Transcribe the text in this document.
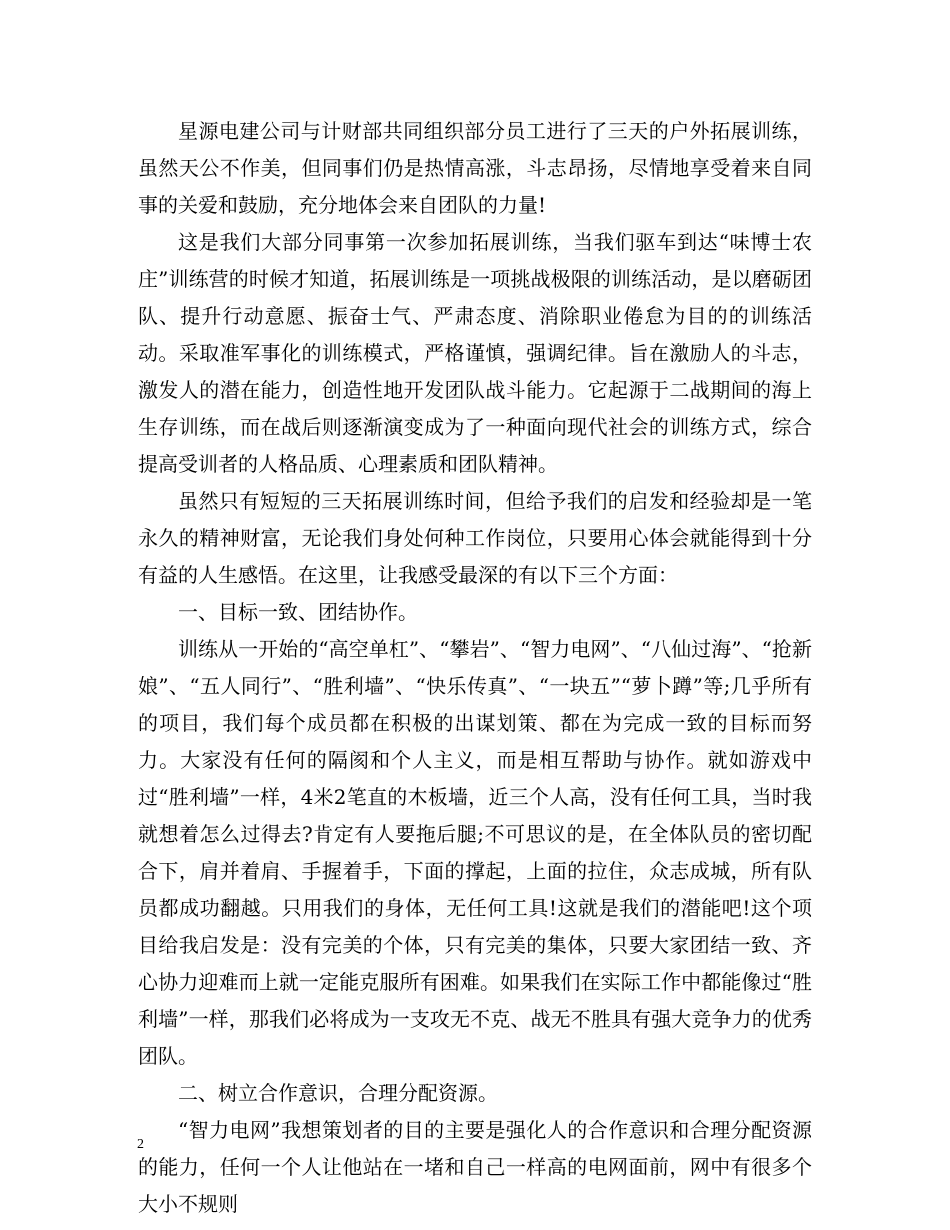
星源电建公司与计财部共同组织部分员工进行了三天的户外拓展训练，虽然天公不作美，但同事们仍是热情高涨，斗志昂扬，尽情地享受着来自同事的关爱和鼓励，充分地体会来自团队的力量!

这是我们大部分同事第一次参加拓展训练，当我们驱车到达“味博士农庄”训练营的时候才知道，拓展训练是一项挑战极限的训练活动，是以磨砺团队、提升行动意愿、振奋士气、严肃态度、消除职业倦怠为目的的训练活动。采取准军事化的训练模式，严格谨慎，强调纪律。旨在激励人的斗志，激发人的潜在能力，创造性地开发团队战斗能力。它起源于二战期间的海上生存训练，而在战后则逐渐演变成为了一种面向现代社会的训练方式，综合提高受训者的人格品质、心理素质和团队精神。

虽然只有短短的三天拓展训练时间，但给予我们的启发和经验却是一笔永久的精神财富，无论我们身处何种工作岗位，只要用心体会就能得到十分有益的人生感悟。在这里，让我感受最深的有以下三个方面：

一、目标一致、团结协作。

训练从一开始的“高空单杠”、“攀岩”、“智力电网”、“八仙过海”、“抢新娘”、“五人同行”、“胜利墙”、“快乐传真”、“一块五”“萝卜蹲”等;几乎所有的项目，我们每个成员都在积极的出谋划策、都在为完成一致的目标而努力。大家没有任何的隔阂和个人主义，而是相互帮助与协作。就如游戏中过“胜利墙”一样，4米2笔直的木板墙，近三个人高，没有任何工具，当时我就想着怎么过得去?肯定有人要拖后腿;不可思议的是，在全体队员的密切配合下，肩并着肩、手握着手，下面的撑起，上面的拉住，众志成城，所有队员都成功翻越。只用我们的身体，无任何工具!这就是我们的潜能吧!这个项目给我启发是：没有完美的个体，只有完美的集体，只要大家团结一致、齐心协力迎难而上就一定能克服所有困难。如果我们在实际工作中都能像过“胜利墙”一样，那我们必将成为一支攻无不克、战无不胜具有强大竞争力的优秀团队。

二、树立合作意识，合理分配资源。

“智力电网”我想策划者的目的主要是强化人的合作意识和合理分配资源的能力，任何一个人让他站在一堵和自己一样高的电网面前，网中有很多个大小不规则

2
